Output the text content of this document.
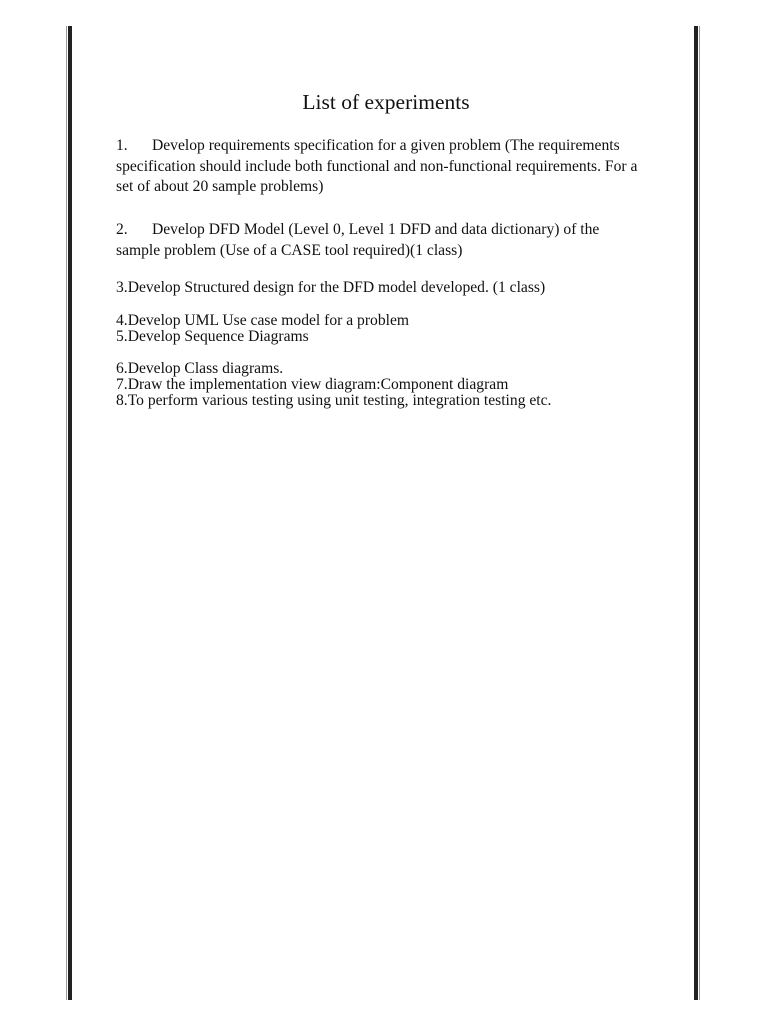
List of experiments

1. Develop requirements specification for a given problem (The requirements specification should include both functional and non-functional requirements. For a set of about 20 sample problems)

2. Develop DFD Model (Level 0, Level 1 DFD and data dictionary) of the sample problem (Use of a CASE tool required)(1 class)

3.Develop Structured design for the DFD model developed. (1 class)

4.Develop UML Use case model for a problem

5.Develop Sequence Diagrams

6.Develop Class diagrams.

7.Draw the implementation view diagram:Component diagram

8.To perform various testing using unit testing, integration testing etc.
